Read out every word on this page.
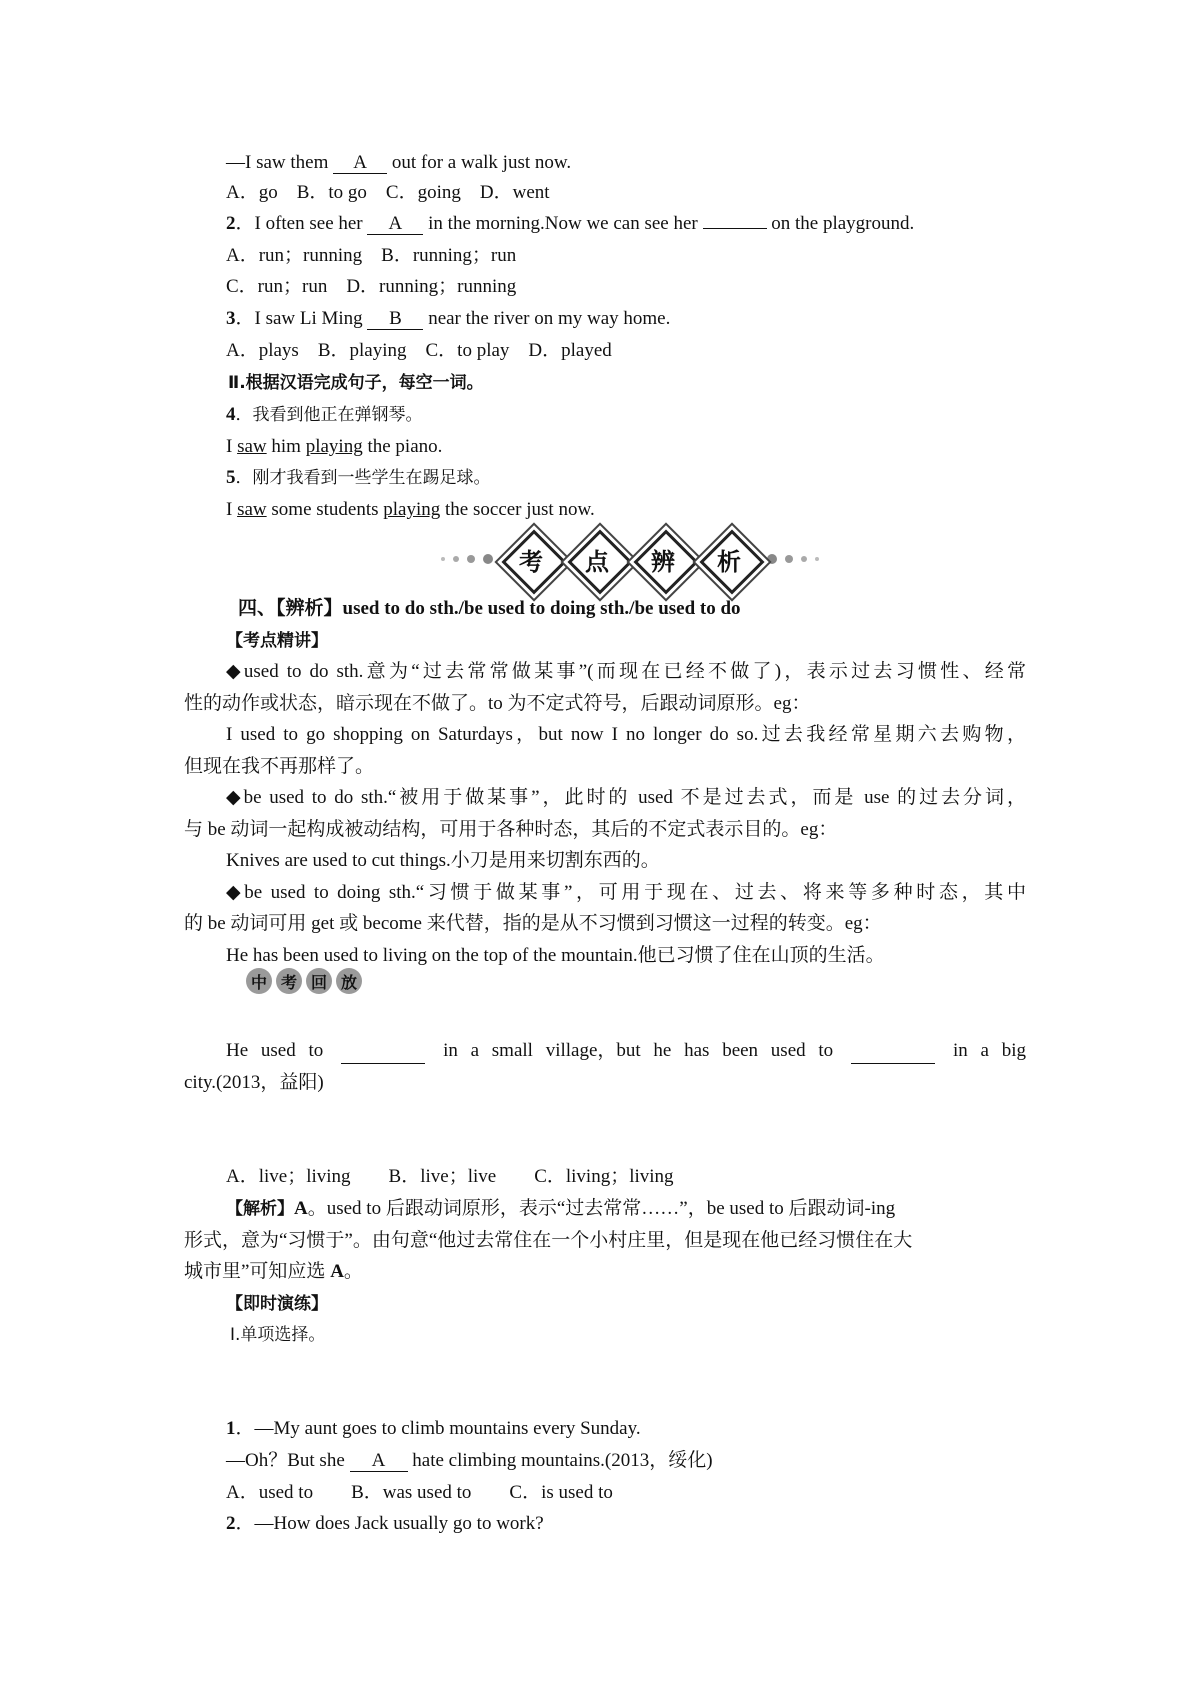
—I saw them A out for a walk just now.
A．go　B．to go　C．going　D．went
2．I often see her A in the morning.Now we can see her	on the playground.
A．run；running　B．running；run
C．run；run　D．running；running
3．I saw Li Ming B near the river on my way home.
A．plays　B．playing　C．to play　D．played
Ⅱ.根据汉语完成句子，每空一词。
4．我看到他正在弹钢琴。
I saw him playing the piano.
5．刚才我看到一些学生在踢足球。
I saw some students playing the soccer just now.
考	点	辨	析
四、【辨析】used to do sth./be used to doing sth./be used to do
【考点精讲】
◆used to do sth.意为“过去常常做某事”(而现在已经不做了)，表示过去习惯性、经常
性的动作或状态，暗示现在不做了。to 为不定式符号，后跟动词原形。eg：
I used to go shopping on Saturdays，but now I no longer do so.过去我经常星期六去购物，
但现在我不再那样了。
◆be used to do sth.“被用于做某事”，此时的 used 不是过去式，而是 use 的过去分词，
与 be 动词一起构成被动结构，可用于各种时态，其后的不定式表示目的。eg：
Knives are used to cut things.小刀是用来切割东西的。
◆be used to doing sth.“习惯于做某事”，可用于现在、过去、将来等多种时态，其中
的 be 动词可用 get 或 become 来代替，指的是从不习惯到习惯这一过程的转变。eg：
He has been used to living on the top of the mountain.他已习惯了住在山顶的生活。
中 考 回 放
He used to	in a small village，but he has been used to	in a big
city.(2013，益阳)
A．live；living　　B．live；live　　C．living；living
【解析】 A 。used to 后跟动词原形，表示“过去常常……”，be used to 后跟动词-ing
形式，意为“习惯于”。由句意“他过去常住在一个小村庄里，但是现在他已经习惯住在大
城市里”可知应选 A。
【即时演练】
Ⅰ.单项选择。
1．—My aunt goes to climb mountains every Sunday.
—Oh？But she A hate climbing mountains.(2013，绥化)
A．used to　　B．was used to　　C．is used to
2．—How does Jack usually go to work?
